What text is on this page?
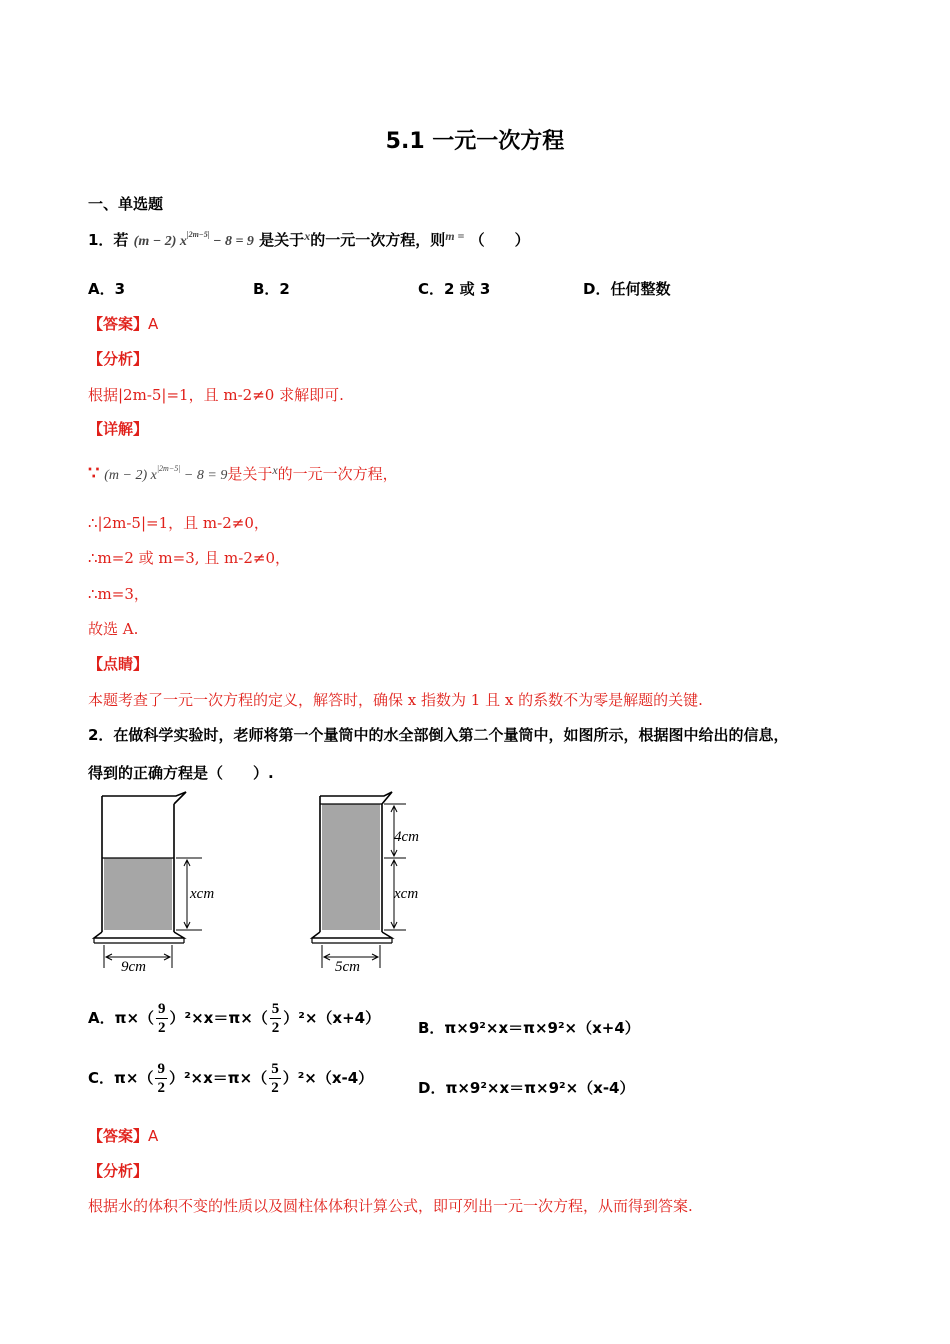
5.1 一元一次方程
一、单选题
1．若 (m − 2) $x^{|2m-5|} - 8 = 9$ 是关于$^x$的一元一次方程，则$^{m =}$ （　　）
A．3	B．2	C．2 或 3	D．任何整数
【答案】A
【分析】
根据|2m-5|=1，且 m-2≠0 求解即可.
【详解】
∵ (m − 2) $x^{|2m-5|} - 8 = 9$是关于$^x$的一元一次方程，
∴|2m-5|=1，且 m-2≠0，
∴m=2 或 m=3, 且 m-2≠0，
∴m=3，
故选 A.
【点睛】
本题考查了一元一次方程的定义，解答时，确保 x 指数为 1 且 x 的系数不为零是解题的关键.
2．在做科学实验时，老师将第一个量筒中的水全部倒入第二个量筒中，如图所示，根据图中给出的信息，
得到的正确方程是（　　）.
xcm
9cm
4cm
xcm
5cm
A．$\pi\times( \frac{9}{2} )^2\times x=\pi\times( \frac{5}{2} )^2\times(x+4)$
B．π×9²×x＝π×9²×（x+4）
C．$\pi\times( \frac{9}{2} )^2\times x=\pi\times( \frac{5}{2} )^2\times(x-4)$
D．π×9²×x＝π×9²×（x-4）
【答案】A
【分析】
根据水的体积不变的性质以及圆柱体体积计算公式，即可列出一元一次方程，从而得到答案.
